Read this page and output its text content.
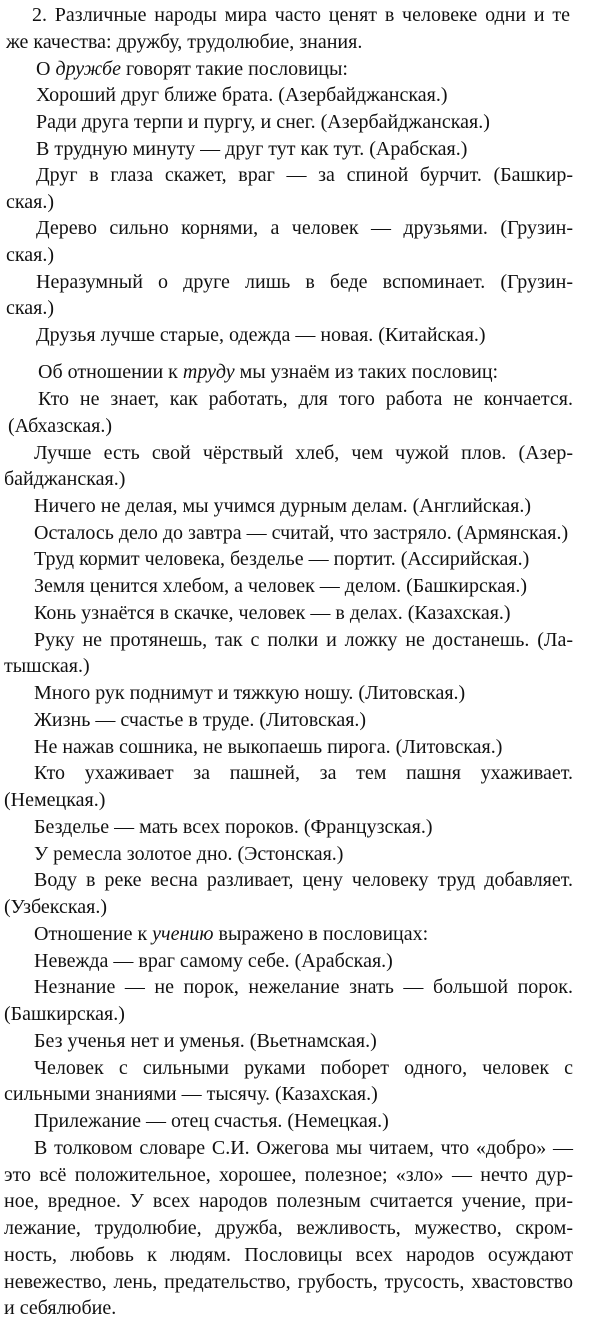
2. Различные народы мира часто ценят в человеке одни и те
же качества: дружбу, трудолюбие, знания.
О дружбе говорят такие пословицы:
Хороший друг ближе брата. (Азербайджанская.)
Ради друга терпи и пургу, и снег. (Азербайджанская.)
В трудную минуту — друг тут как тут. (Арабская.)
Друг в глаза скажет, враг — за спиной бурчит. (Башкир-
ская.)
Дерево сильно корнями, а человек — друзьями. (Грузин-
ская.)
Неразумный о друге лишь в беде вспоминает. (Грузин-
ская.)
Друзья лучше старые, одежда — новая. (Китайская.)
Об отношении к труду мы узнаём из таких пословиц:
Кто не знает, как работать, для того работа не кончается.
(Абхазская.)
Лучше есть свой чёрствый хлеб, чем чужой плов. (Азер-
байджанская.)
Ничего не делая, мы учимся дурным делам. (Английская.)
Осталось дело до завтра — считай, что застряло. (Армянская.)
Труд кормит человека, безделье — портит. (Ассирийская.)
Земля ценится хлебом, а человек — делом. (Башкирская.)
Конь узнаётся в скачке, человек — в делах. (Казахская.)
Руку не протянешь, так с полки и ложку не достанешь. (Ла-
тышская.)
Много рук поднимут и тяжкую ношу. (Литовская.)
Жизнь — счастье в труде. (Литовская.)
Не нажав сошника, не выкопаешь пирога. (Литовская.)
Кто ухаживает за пашней, за тем пашня ухаживает.
(Немецкая.)
Безделье — мать всех пороков. (Французская.)
У ремесла золотое дно. (Эстонская.)
Воду в реке весна разливает, цену человеку труд добавляет.
(Узбекская.)
Отношение к учению выражено в пословицах:
Невежда — враг самому себе. (Арабская.)
Незнание — не порок, нежелание знать — большой порок.
(Башкирская.)
Без ученья нет и уменья. (Вьетнамская.)
Человек с сильными руками поборет одного, человек с
сильными знаниями — тысячу. (Казахская.)
Прилежание — отец счастья. (Немецкая.)
В толковом словаре С.И. Ожегова мы читаем, что «добро» —
это всё положительное, хорошее, полезное; «зло» — нечто дур-
ное, вредное. У всех народов полезным считается учение, при-
лежание, трудолюбие, дружба, вежливость, мужество, скром-
ность, любовь к людям. Пословицы всех народов осуждают
невежество, лень, предательство, грубость, трусость, хвастовство
и себялюбие.
